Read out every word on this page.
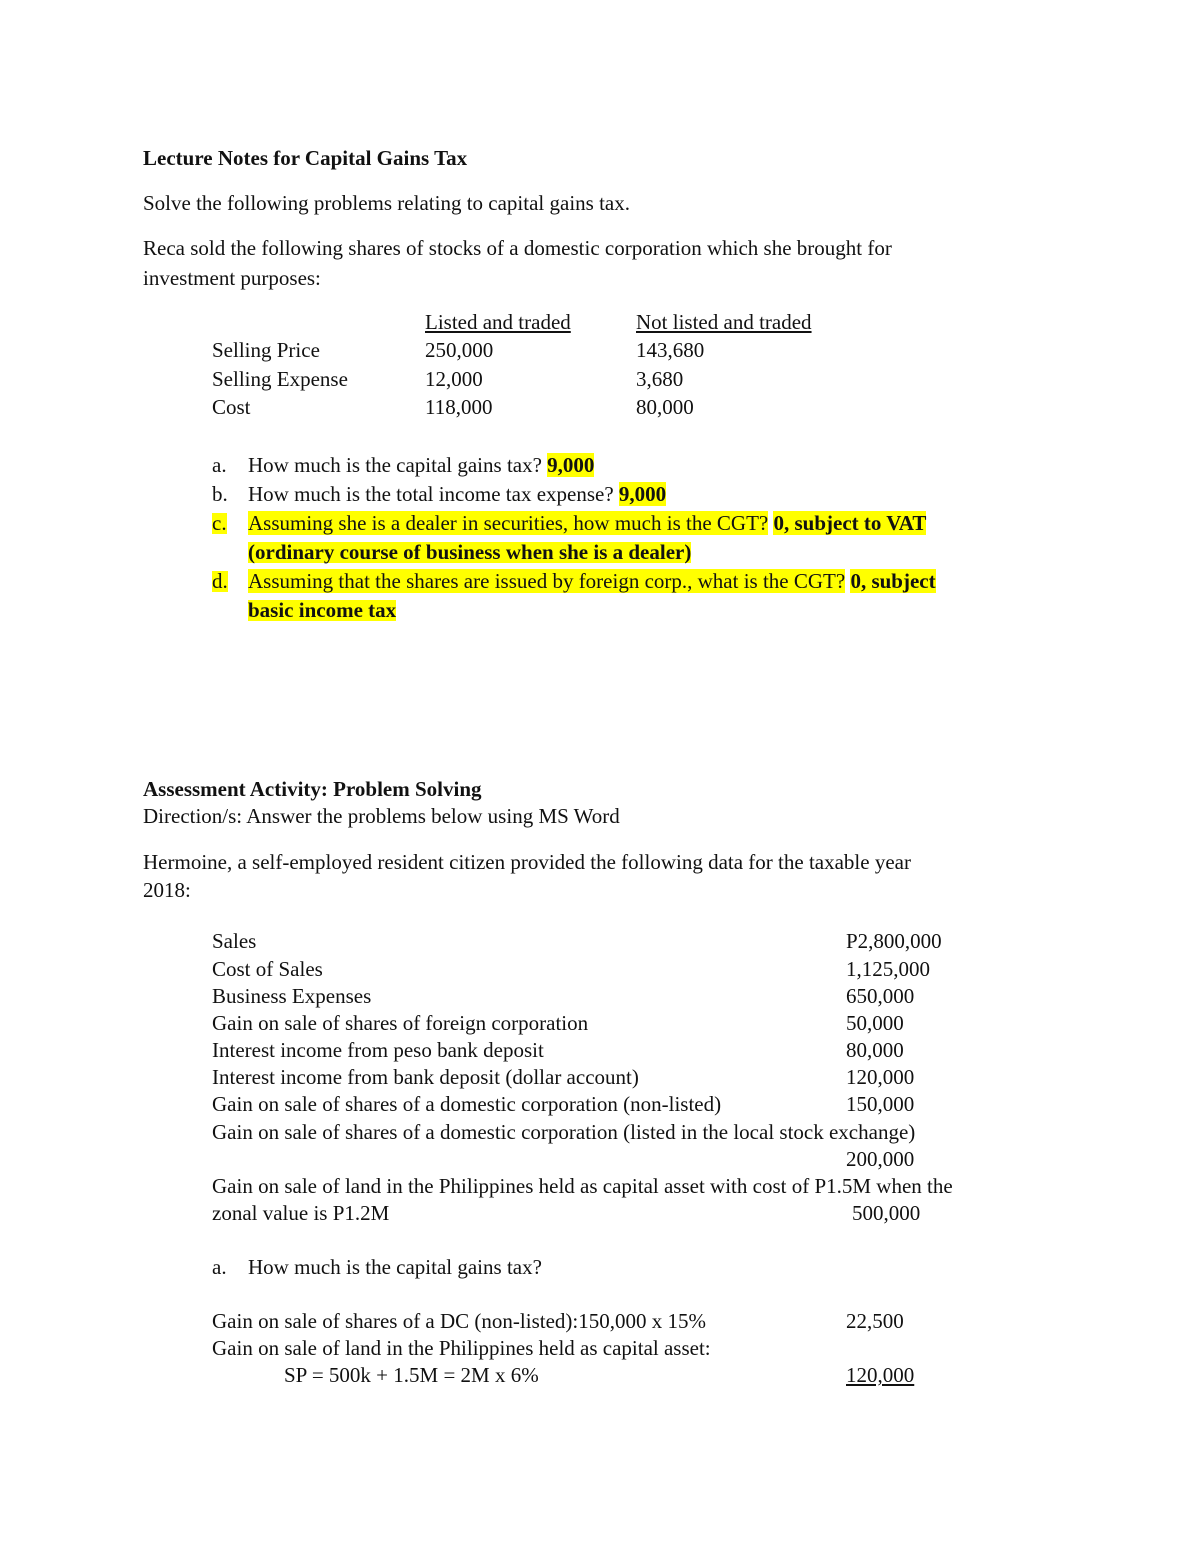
Lecture Notes for Capital Gains Tax
Solve the following problems relating to capital gains tax.
Reca sold the following shares of stocks of a domestic corporation which she brought for
investment purposes:
Listed and traded	Not listed and traded
Selling Price	250,000	143,680
Selling Expense	12,000	3,680
Cost	118,000	80,000
a. How much is the capital gains tax? 9,000
b. How much is the total income tax expense? 9,000
c. Assuming she is a dealer in securities, how much is the CGT? 0, subject to VAT
(ordinary course of business when she is a dealer)
d. Assuming that the shares are issued by foreign corp., what is the CGT? 0, subject
basic income tax
Assessment Activity: Problem Solving
Direction/s: Answer the problems below using MS Word
Hermoine, a self-employed resident citizen provided the following data for the taxable year
2018:
Sales	P2,800,000
Cost of Sales	1,125,000
Business Expenses	650,000
Gain on sale of shares of foreign corporation	50,000
Interest income from peso bank deposit	80,000
Interest income from bank deposit (dollar account)	120,000
Gain on sale of shares of a domestic corporation (non-listed)	150,000
Gain on sale of shares of a domestic corporation (listed in the local stock exchange)
200,000
Gain on sale of land in the Philippines held as capital asset with cost of P1.5M when the
zonal value is P1.2M	500,000
a. How much is the capital gains tax?
Gain on sale of shares of a DC (non-listed):150,000 x 15%	22,500
Gain on sale of land in the Philippines held as capital asset:
SP = 500k + 1.5M = 2M x 6%	120,000
